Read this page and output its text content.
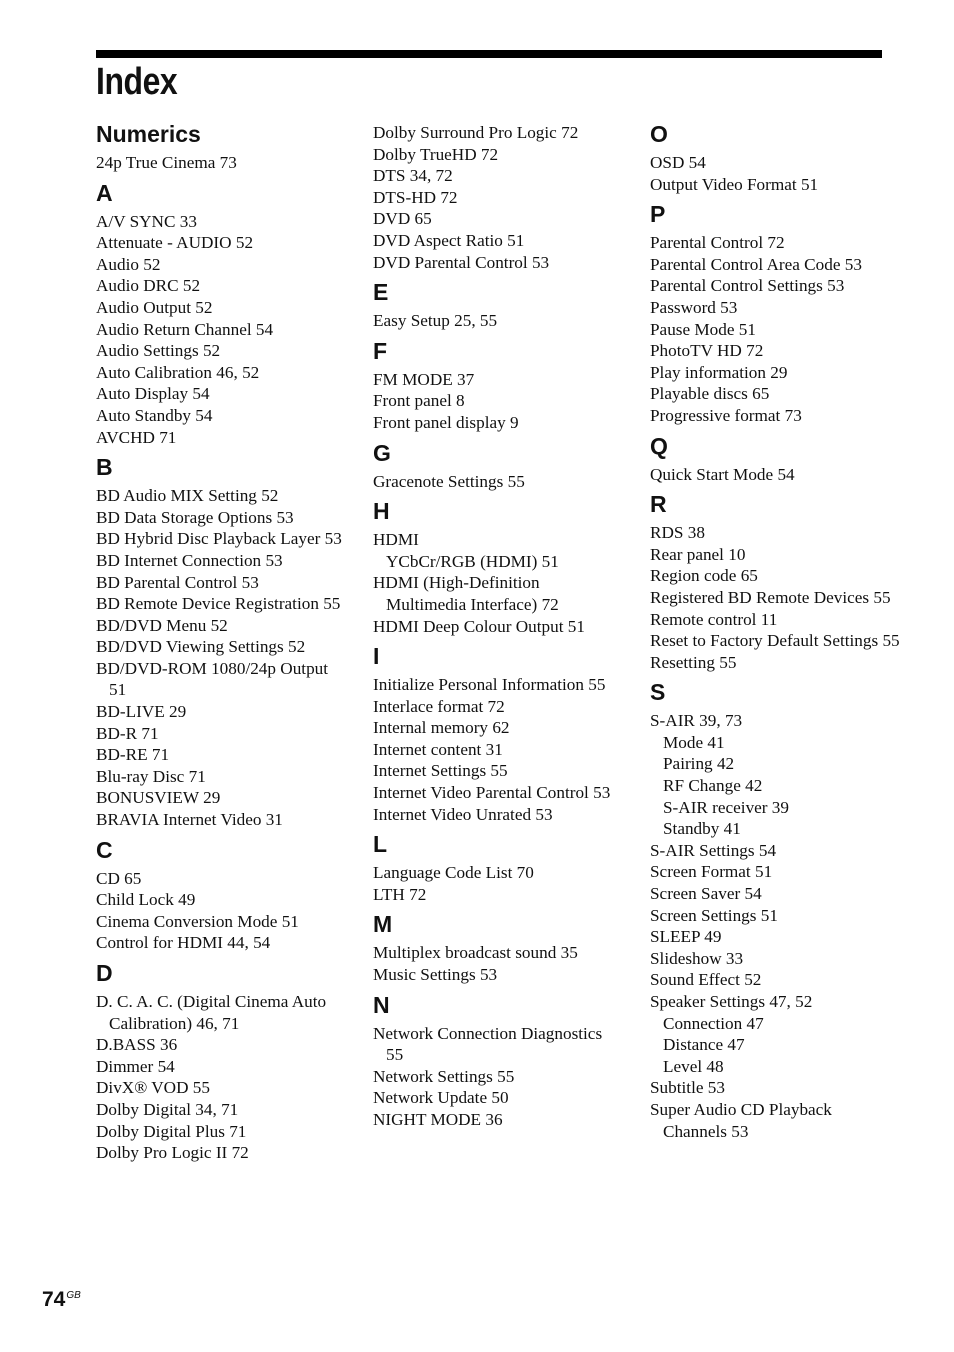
Index
Numerics
24p True Cinema 73
A
A/V SYNC 33
Attenuate - AUDIO 52
Audio 52
Audio DRC 52
Audio Output 52
Audio Return Channel 54
Audio Settings 52
Auto Calibration 46, 52
Auto Display 54
Auto Standby 54
AVCHD 71
B
BD Audio MIX Setting 52
BD Data Storage Options 53
BD Hybrid Disc Playback Layer 53
BD Internet Connection 53
BD Parental Control 53
BD Remote Device Registration 55
BD/DVD Menu 52
BD/DVD Viewing Settings 52
BD/DVD-ROM 1080/24p Output 51
BD-LIVE 29
BD-R 71
BD-RE 71
Blu-ray Disc 71
BONUSVIEW 29
BRAVIA Internet Video 31
C
CD 65
Child Lock 49
Cinema Conversion Mode 51
Control for HDMI 44, 54
D
D. C. A. C. (Digital Cinema Auto Calibration) 46, 71
D.BASS 36
Dimmer 54
DivX® VOD 55
Dolby Digital 34, 71
Dolby Digital Plus 71
Dolby Pro Logic II 72
Dolby Surround Pro Logic 72
Dolby TrueHD 72
DTS 34, 72
DTS-HD 72
DVD 65
DVD Aspect Ratio 51
DVD Parental Control 53
E
Easy Setup 25, 55
F
FM MODE 37
Front panel 8
Front panel display 9
G
Gracenote Settings 55
H
HDMI
YCbCr/RGB (HDMI) 51
HDMI (High-Definition Multimedia Interface) 72
HDMI Deep Colour Output 51
I
Initialize Personal Information 55
Interlace format 72
Internal memory 62
Internet content 31
Internet Settings 55
Internet Video Parental Control 53
Internet Video Unrated 53
L
Language Code List 70
LTH 72
M
Multiplex broadcast sound 35
Music Settings 53
N
Network Connection Diagnostics 55
Network Settings 55
Network Update 50
NIGHT MODE 36
O
OSD 54
Output Video Format 51
P
Parental Control 72
Parental Control Area Code 53
Parental Control Settings 53
Password 53
Pause Mode 51
PhotoTV HD 72
Play information 29
Playable discs 65
Progressive format 73
Q
Quick Start Mode 54
R
RDS 38
Rear panel 10
Region code 65
Registered BD Remote Devices 55
Remote control 11
Reset to Factory Default Settings 55
Resetting 55
S
S-AIR 39, 73
Mode 41
Pairing 42
RF Change 42
S-AIR receiver 39
Standby 41
S-AIR Settings 54
Screen Format 51
Screen Saver 54
Screen Settings 51
SLEEP 49
Slideshow 33
Sound Effect 52
Speaker Settings 47, 52
Connection 47
Distance 47
Level 48
Subtitle 53
Super Audio CD Playback Channels 53
$74^{GB}$
